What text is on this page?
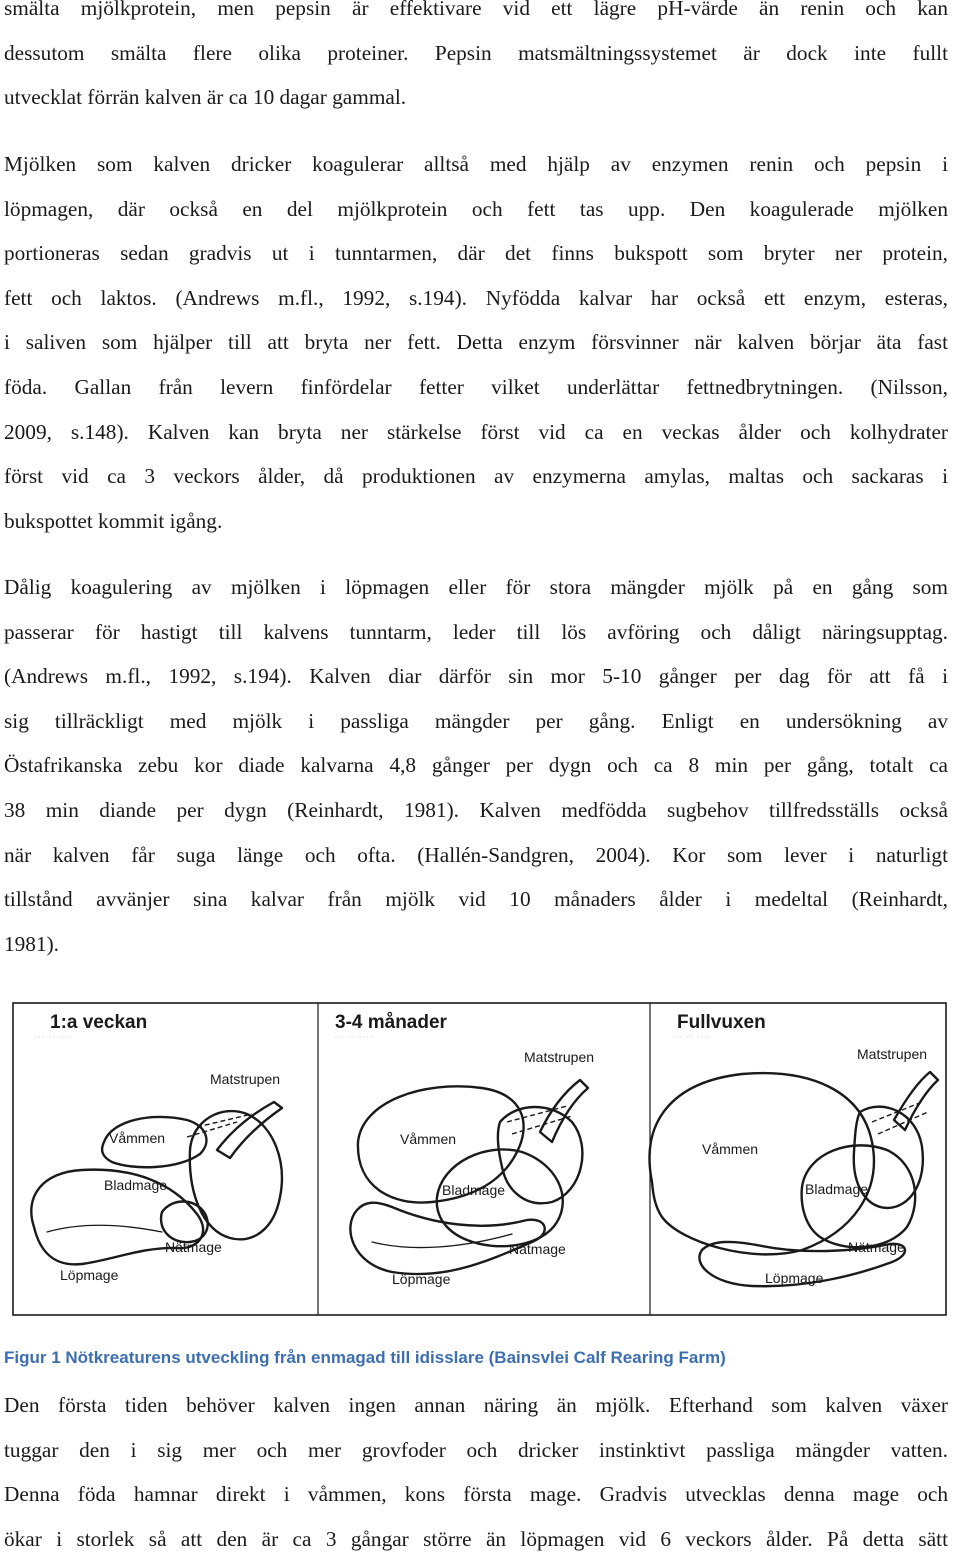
smälta mjölkprotein, men pepsin är effektivare vid ett lägre pH-värde än renin och kan
dessutom smälta flere olika proteiner. Pepsin matsmältningssystemet är dock inte fullt
utvecklat förrän kalven är ca 10 dagar gammal.
Mjölken som kalven dricker koagulerar alltså med hjälp av enzymen renin och pepsin i
löpmagen, där också en del mjölkprotein och fett tas upp. Den koagulerade mjölken
portioneras sedan gradvis ut i tunntarmen, där det finns bukspott som bryter ner protein,
fett och laktos. (Andrews m.fl., 1992, s.194). Nyfödda kalvar har också ett enzym, esteras,
i saliven som hjälper till att bryta ner fett. Detta enzym försvinner när kalven börjar äta fast
föda. Gallan från levern finfördelar fetter vilket underlättar fettnedbrytningen. (Nilsson,
2009, s.148). Kalven kan bryta ner stärkelse först vid ca en veckas ålder och kolhydrater
först vid ca 3 veckors ålder, då produktionen av enzymerna amylas, maltas och sackaras i
bukspottet kommit igång.
Dålig koagulering av mjölken i löpmagen eller för stora mängder mjölk på en gång som
passerar för hastigt till kalvens tunntarm, leder till lös avföring och dåligt näringsupptag.
(Andrews m.fl., 1992, s.194). Kalven diar därför sin mor 5-10 gånger per dag för att få i
sig tillräckligt med mjölk i passliga mängder per gång. Enligt en undersökning av
Östafrikanska zebu kor diade kalvarna 4,8 gånger per dygn och ca 8 min per gång, totalt ca
38 min diande per dygn (Reinhardt, 1981). Kalven medfödda sugbehov tillfredsställs också
när kalven får suga länge och ofta. (Hallén-Sandgren, 2004). Kor som lever i naturligt
tillstånd avvänjer sina kalvar från mjölk vid 10 månaders ålder i medeltal (Reinhardt,
1981).
1:a veckan
··· ·· ····
Matstrupen
Våmmen
Bladmage
Nätmage
Löpmage
3-4 månader
··· ·· ····
Matstrupen
Våmmen
Bladmage
Nätmage
Löpmage
Fullvuxen
··· ·· ····
Matstrupen
Våmmen
Bladmage
Nätmage
Löpmage
Figur 1 Nötkreaturens utveckling från enmagad till idisslare (Bainsvlei Calf Rearing Farm)
Den första tiden behöver kalven ingen annan näring än mjölk. Efterhand som kalven växer
tuggar den i sig mer och mer grovfoder och dricker instinktivt passliga mängder vatten.
Denna föda hamnar direkt i våmmen, kons första mage. Gradvis utvecklas denna mage och
ökar i storlek så att den är ca 3 gångar större än löpmagen vid 6 veckors ålder. På detta sätt
